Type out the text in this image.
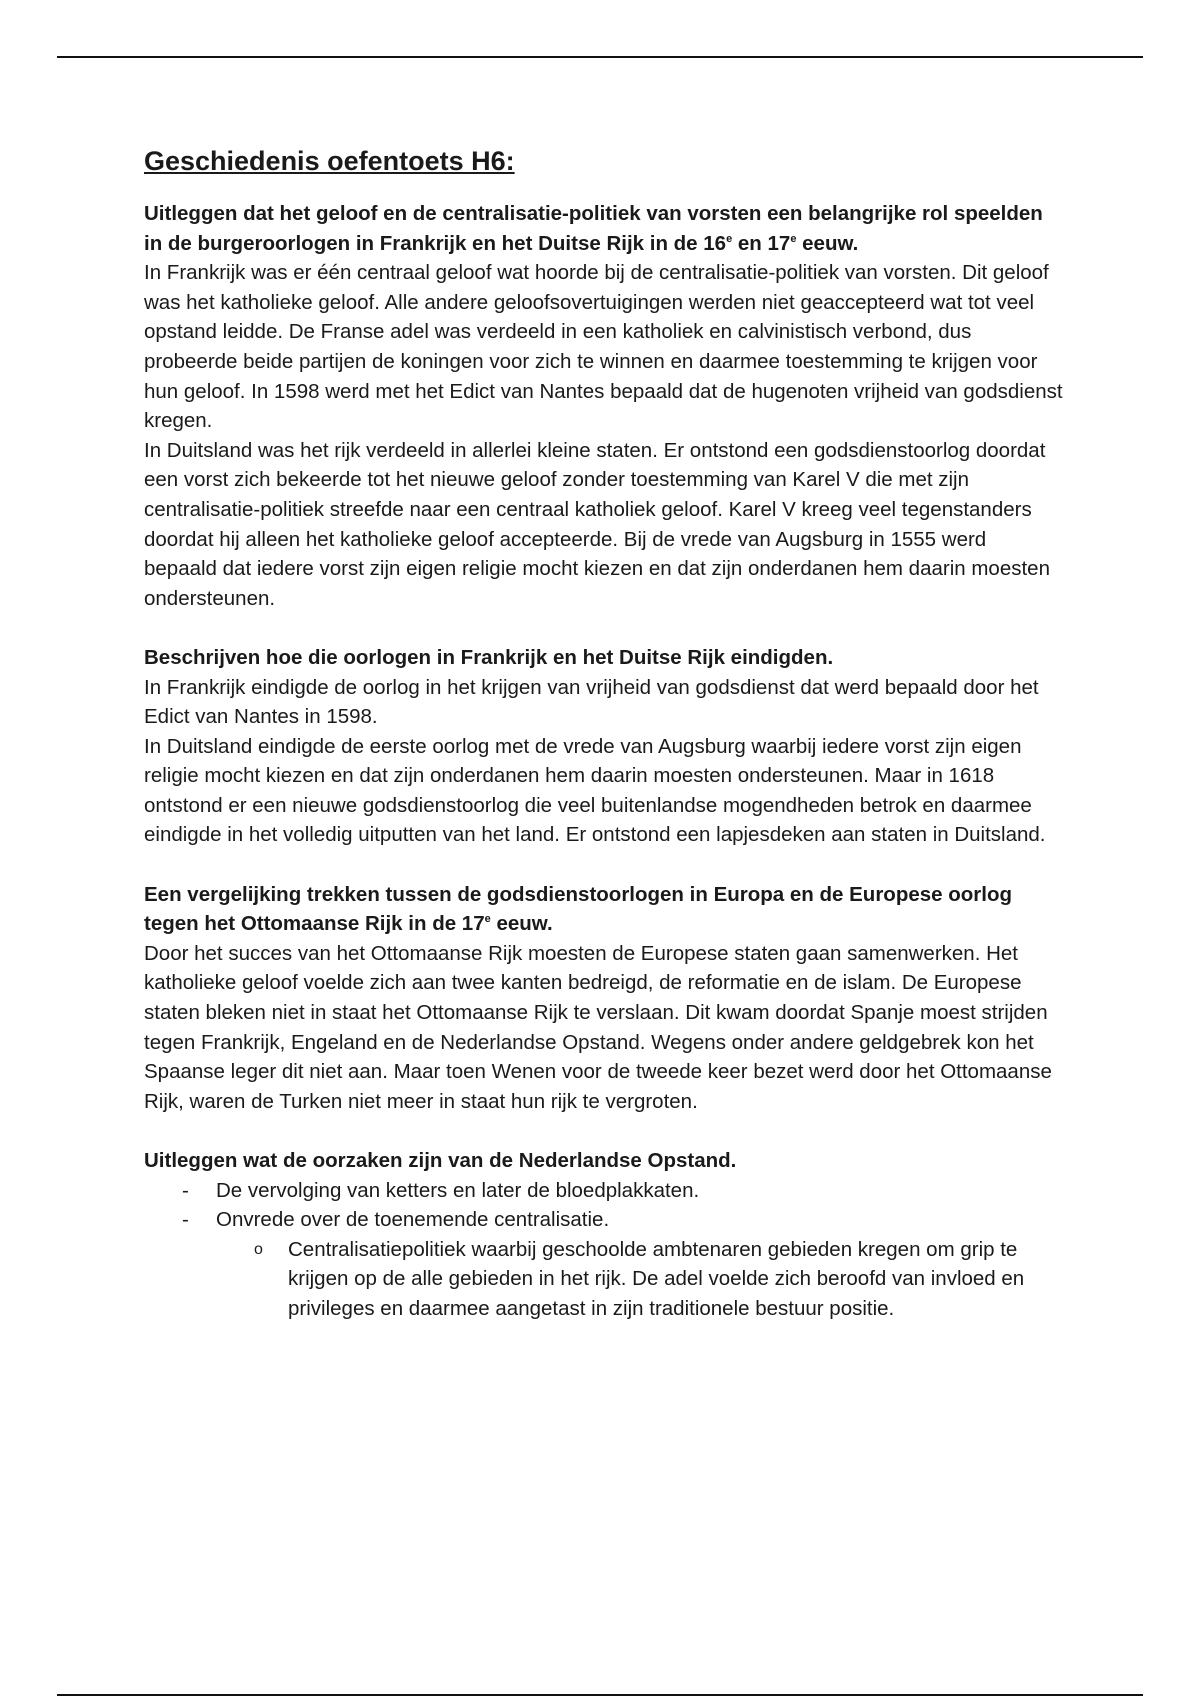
Geschiedenis oefentoets H6:

Uitleggen dat het geloof en de centralisatie-politiek van vorsten een belangrijke rol speelden in de burgeroorlogen in Frankrijk en het Duitse Rijk in de 16e en 17e eeuw.

In Frankrijk was er één centraal geloof wat hoorde bij de centralisatie-politiek van vorsten. Dit geloof was het katholieke geloof. Alle andere geloofsovertuigingen werden niet geaccepteerd wat tot veel opstand leidde. De Franse adel was verdeeld in een katholiek en calvinistisch verbond, dus probeerde beide partijen de koningen voor zich te winnen en daarmee toestemming te krijgen voor hun geloof. In 1598 werd met het Edict van Nantes bepaald dat de hugenoten vrijheid van godsdienst kregen.

In Duitsland was het rijk verdeeld in allerlei kleine staten. Er ontstond een godsdienstoorlog doordat een vorst zich bekeerde tot het nieuwe geloof zonder toestemming van Karel V die met zijn centralisatie-politiek streefde naar een centraal katholiek geloof. Karel V kreeg veel tegenstanders doordat hij alleen het katholieke geloof accepteerde. Bij de vrede van Augsburg in 1555 werd bepaald dat iedere vorst zijn eigen religie mocht kiezen en dat zijn onderdanen hem daarin moesten ondersteunen.

Beschrijven hoe die oorlogen in Frankrijk en het Duitse Rijk eindigden.

In Frankrijk eindigde de oorlog in het krijgen van vrijheid van godsdienst dat werd bepaald door het Edict van Nantes in 1598.

In Duitsland eindigde de eerste oorlog met de vrede van Augsburg waarbij iedere vorst zijn eigen religie mocht kiezen en dat zijn onderdanen hem daarin moesten ondersteunen. Maar in 1618 ontstond er een nieuwe godsdienstoorlog die veel buitenlandse mogendheden betrok en daarmee eindigde in het volledig uitputten van het land. Er ontstond een lapjesdeken aan staten in Duitsland.

Een vergelijking trekken tussen de godsdienstoorlogen in Europa en de Europese oorlog tegen het Ottomaanse Rijk in de 17e eeuw.

Door het succes van het Ottomaanse Rijk moesten de Europese staten gaan samenwerken. Het katholieke geloof voelde zich aan twee kanten bedreigd, de reformatie en de islam. De Europese staten bleken niet in staat het Ottomaanse Rijk te verslaan. Dit kwam doordat Spanje moest strijden tegen Frankrijk, Engeland en de Nederlandse Opstand. Wegens onder andere geldgebrek kon het Spaanse leger dit niet aan. Maar toen Wenen voor de tweede keer bezet werd door het Ottomaanse Rijk, waren de Turken niet meer in staat hun rijk te vergroten.

Uitleggen wat de oorzaken zijn van de Nederlandse Opstand.

- De vervolging van ketters en later de bloedplakkaten.
- Onvrede over de toenemende centralisatie.
o Centralisatiepolitiek waarbij geschoolde ambtenaren gebieden kregen om grip te krijgen op de alle gebieden in het rijk. De adel voelde zich beroofd van invloed en privileges en daarmee aangetast in zijn traditionele bestuur positie.
